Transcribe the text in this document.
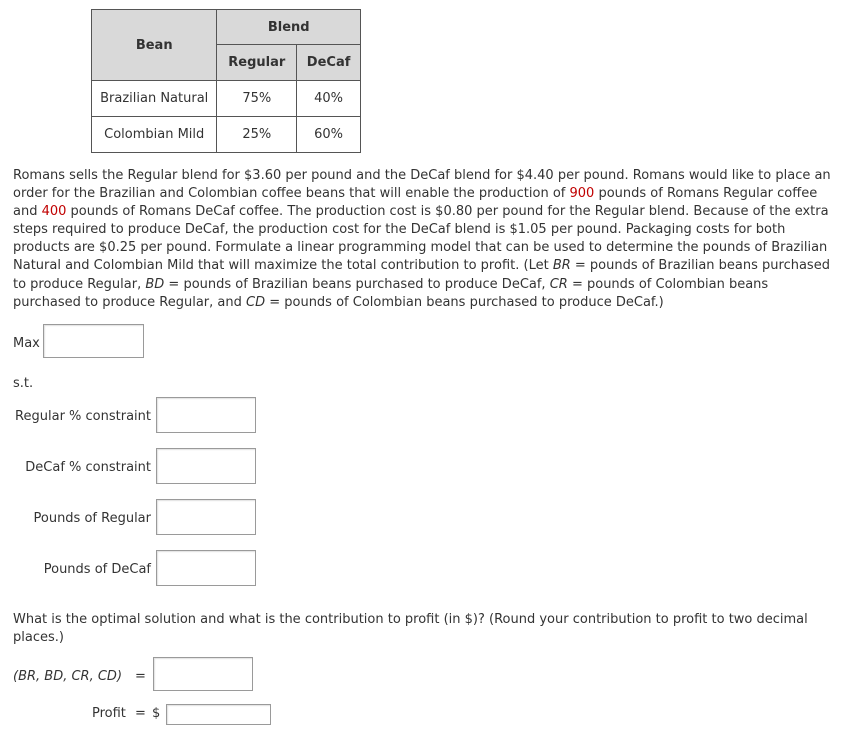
Bean	Blend	
	Regular	DeCaf
Brazilian Natural	75%	40%
Colombian Mild	25%	60%

Romans sells the Regular blend for $3.60 per pound and the DeCaf blend for $4.40 per pound. Romans would like to place an order for the Brazilian and Colombian coffee beans that will enable the production of 900 pounds of Romans Regular coffee and 400 pounds of Romans DeCaf coffee. The production cost is $0.80 per pound for the Regular blend. Because of the extra steps required to produce DeCaf, the production cost for the DeCaf blend is $1.05 per pound. Packaging costs for both products are $0.25 per pound. Formulate a linear programming model that can be used to determine the pounds of Brazilian Natural and Colombian Mild that will maximize the total contribution to profit. (Let BR = pounds of Brazilian beans purchased to produce Regular, BD = pounds of Brazilian beans purchased to produce DeCaf, CR = pounds of Colombian beans purchased to produce Regular, and CD = pounds of Colombian beans purchased to produce DeCaf.)

Max
s.t.
Regular % constraint
DeCaf % constraint
Pounds of Regular
Pounds of DeCaf

What is the optimal solution and what is the contribution to profit (in $)? (Round your contribution to profit to two decimal places.)

(BR, BD, CR, CD) =
Profit = $
